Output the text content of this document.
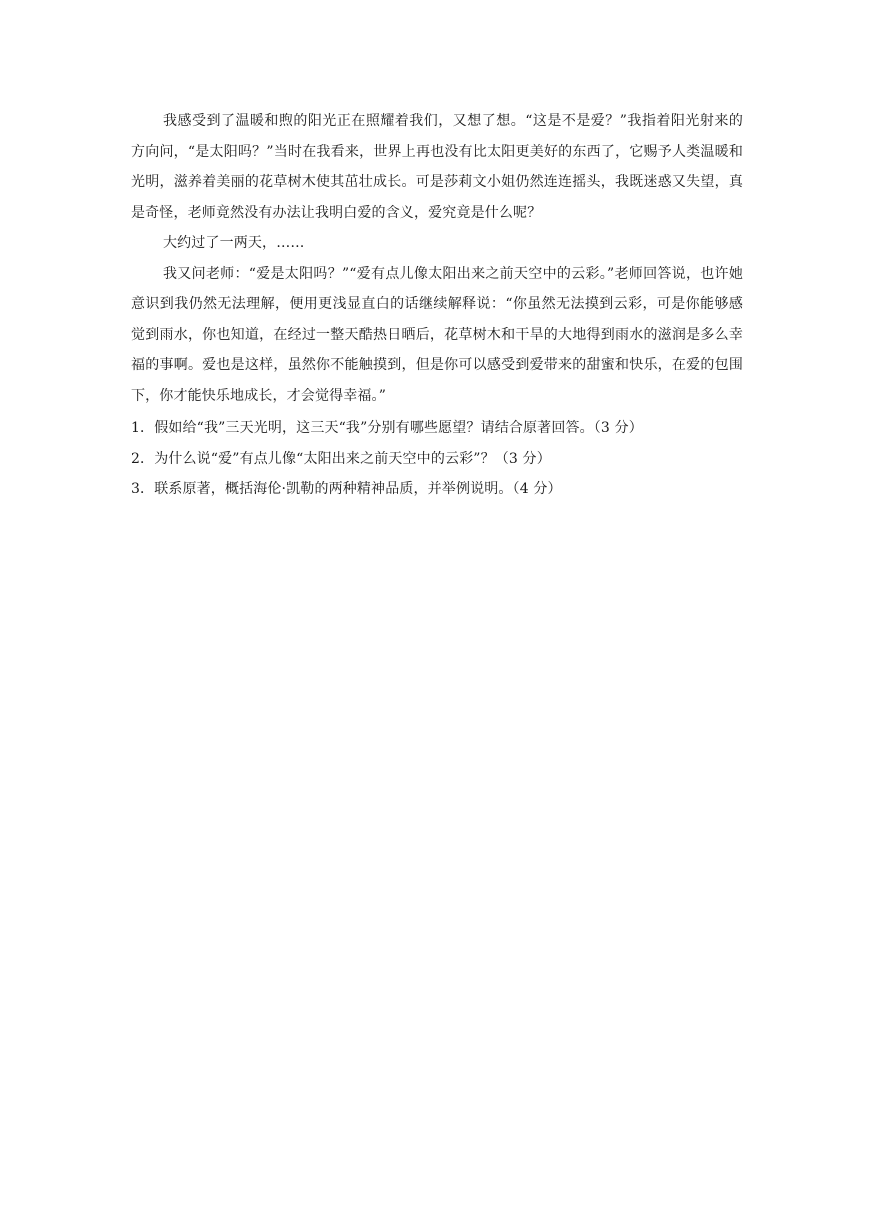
我感受到了温暖和煦的阳光正在照耀着我们，又想了想。“这是不是爱？”我指着阳光射来的方向问，“是太阳吗？”当时在我看来，世界上再也没有比太阳更美好的东西了，它赐予人类温暖和光明，滋养着美丽的花草树木使其茁壮成长。可是莎莉文小姐仍然连连摇头，我既迷惑又失望，真是奇怪，老师竟然没有办法让我明白爱的含义，爱究竟是什么呢？

大约过了一两天，……

我又问老师：“爱是太阳吗？”“爱有点儿像太阳出来之前天空中的云彩。”老师回答说，也许她意识到我仍然无法理解，便用更浅显直白的话继续解释说：“你虽然无法摸到云彩，可是你能够感觉到雨水，你也知道，在经过一整天酷热日晒后，花草树木和干旱的大地得到雨水的滋润是多么幸福的事啊。爱也是这样，虽然你不能触摸到，但是你可以感受到爱带来的甜蜜和快乐，在爱的包围下，你才能快乐地成长，才会觉得幸福。”

1．假如给“我”三天光明，这三天“我”分别有哪些愿望？请结合原著回答。（3 分）

2．为什么说“爱”有点儿像“太阳出来之前天空中的云彩”？（3 分）

3．联系原著，概括海伦·凯勒的两种精神品质，并举例说明。（4 分）
